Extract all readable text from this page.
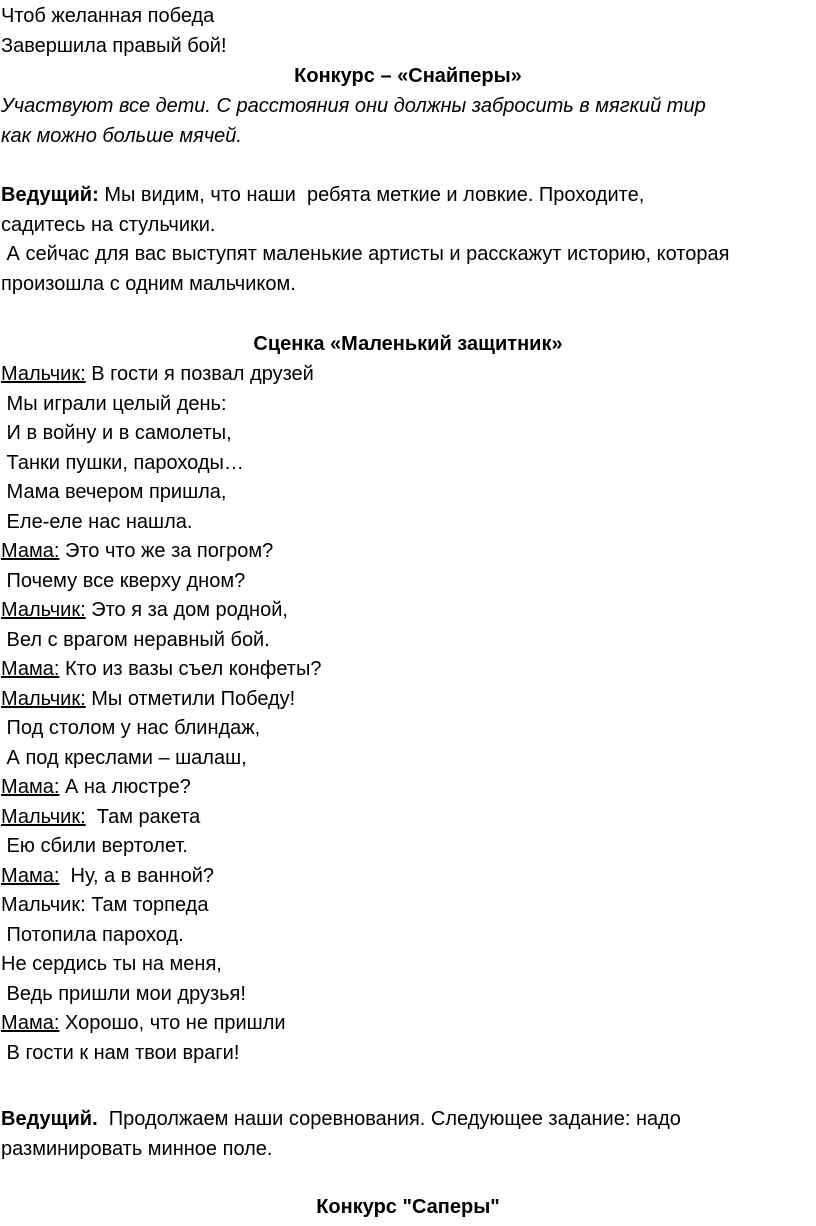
Чтоб желанная победа
Завершила правый бой!
Конкурс – «Снайперы»
Участвуют все дети. С расстояния они должны забросить в мягкий тир
как можно больше мячей.
Ведущий: Мы видим, что наши  ребята меткие и ловкие. Проходите,
садитесь на стульчики.
А сейчас для вас выступят маленькие артисты и расскажут историю, которая
произошла с одним мальчиком.
Сценка «Маленький защитник»
Мальчик: В гости я позвал друзей
Мы играли целый день:
И в войну и в самолеты,
Танки пушки, пароходы…
Мама вечером пришла,
Еле-еле нас нашла.
Мама: Это что же за погром?
Почему все кверху дном?
Мальчик: Это я за дом родной,
Вел с врагом неравный бой.
Мама: Кто из вазы съел конфеты?
Мальчик: Мы отметили Победу!
Под столом у нас блиндаж,
А под креслами – шалаш,
Мама: А на люстре?
Мальчик:  Там ракета
Ею сбили вертолет.
Мама:  Ну, а в ванной?
Мальчик: Там торпеда
Потопила пароход.
Не сердись ты на меня,
Ведь пришли мои друзья!
Мама: Хорошо, что не пришли
В гости к нам твои враги!
Ведущий.  Продолжаем наши соревнования. Следующее задание: надо
разминировать минное поле.
Конкурс "Саперы"
